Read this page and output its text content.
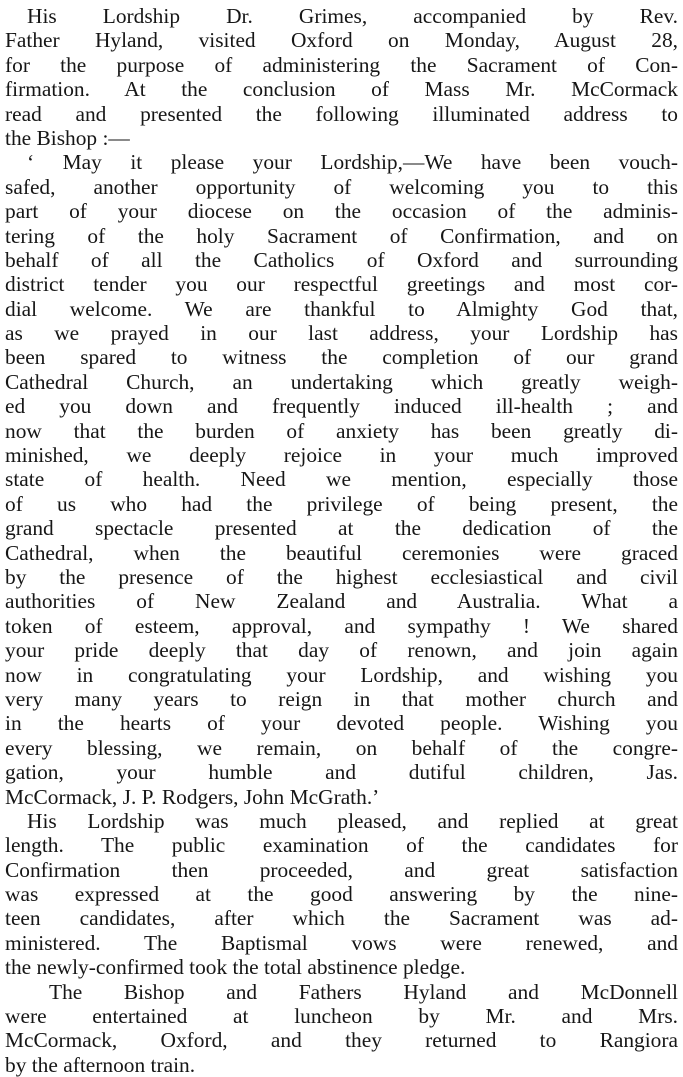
His Lordship Dr. Grimes, accompanied by Rev.
Father Hyland, visited Oxford on Monday, August 28,
for the purpose of administering the Sacrament of Con-
firmation. At the conclusion of Mass Mr. McCormack
read and presented the following illuminated address to
the Bishop :—
‘ May it please your Lordship,—We have been vouch-
safed, another opportunity of welcoming you to this
part of your diocese on the occasion of the adminis-
tering of the holy Sacrament of Confirmation, and on
behalf of all the Catholics of Oxford and surrounding
district tender you our respectful greetings and most cor-
dial welcome. We are thankful to Almighty God that,
as we prayed in our last address, your Lordship has
been spared to witness the completion of our grand
Cathedral Church, an undertaking which greatly weigh-
ed you down and frequently induced ill-health ; and
now that the burden of anxiety has been greatly di-
minished, we deeply rejoice in your much improved
state of health. Need we mention, especially those
of us who had the privilege of being present, the
grand spectacle presented at the dedication of the
Cathedral, when the beautiful ceremonies were graced
by the presence of the highest ecclesiastical and civil
authorities of New Zealand and Australia. What a
token of esteem, approval, and sympathy ! We shared
your pride deeply that day of renown, and join again
now in congratulating your Lordship, and wishing you
very many years to reign in that mother church and
in the hearts of your devoted people. Wishing you
every blessing, we remain, on behalf of the congre-
gation, your humble and dutiful children, Jas.
McCormack, J. P. Rodgers, John McGrath.’
His Lordship was much pleased, and replied at great
length. The public examination of the candidates for
Confirmation then proceeded, and great satisfaction
was expressed at the good answering by the nine-
teen candidates, after which the Sacrament was ad-
ministered. The Baptismal vows were renewed, and
the newly-confirmed took the total abstinence pledge.
The Bishop and Fathers Hyland and McDonnell
were entertained at luncheon by Mr. and Mrs.
McCormack, Oxford, and they returned to Rangiora
by the afternoon train.
